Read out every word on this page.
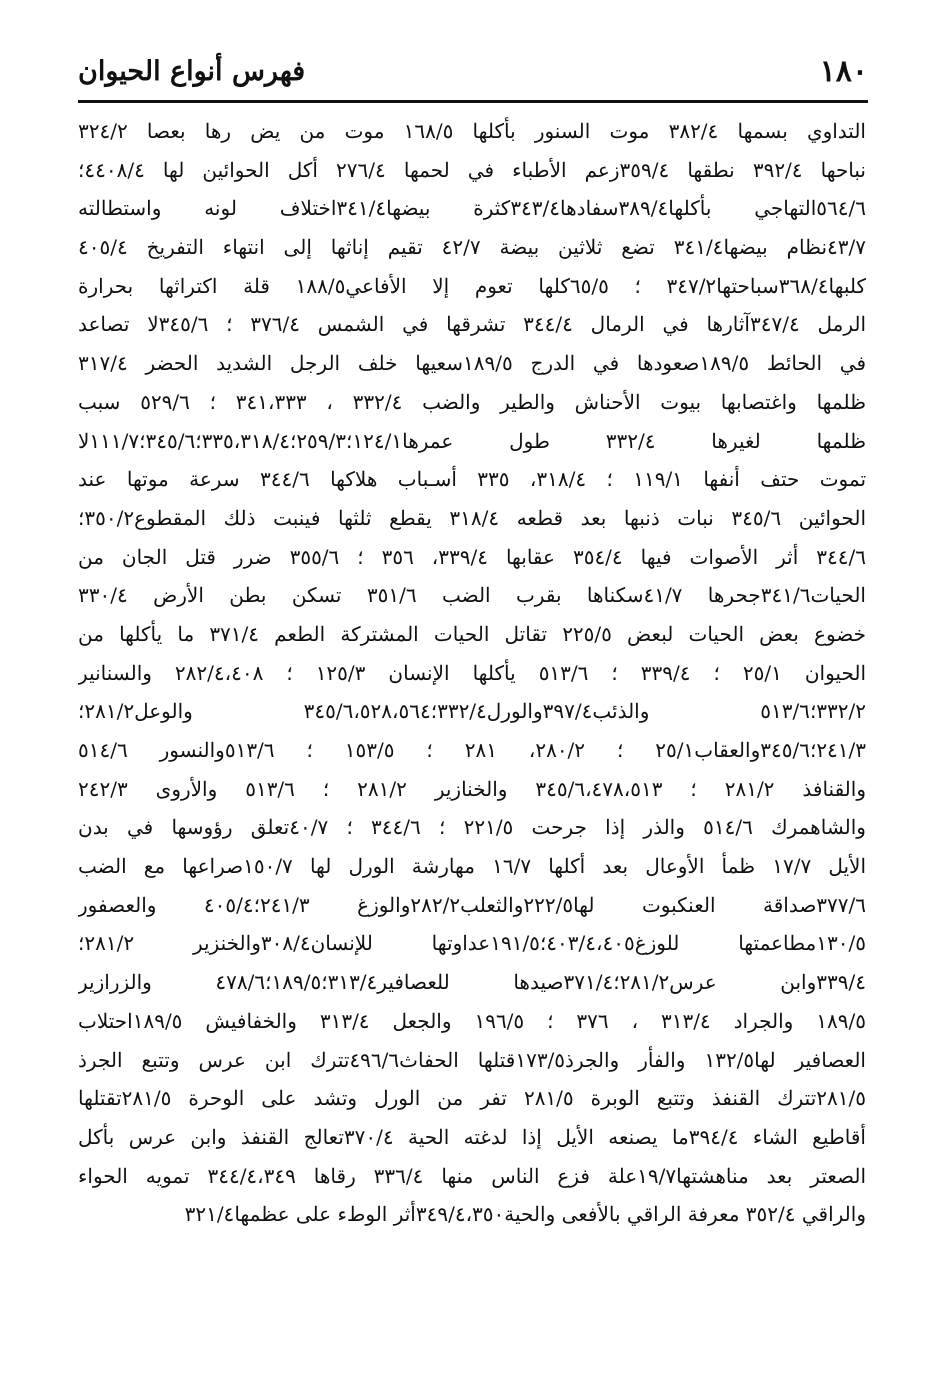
١٨٠
فهرس أنواع الحيوان
التداوي بسمها ٣٨٢/٤ موت السنور بأكلها ١٦٨/٥ موت من يض رها بعصا ٣٢٤/٢
نباحها ٣٩٢/٤ نطقها ٣٥٩/٤زعم الأطباء في لحمها ٢٧٦/٤ أكل الحوائين لها ٤٤٠٨/٤؛
٥٦٤/٦التهاجي بأكلها٣٨٩/٤سفادها٣٤٣/٤كثرة بيضها٣٤١/٤اختلاف لونه واستطالته
٤٣/٧نظام بيضها٣٤١/٤ تضع ثلاثين بيضة ٤٢/٧ تقيم إناثها إلى انتهاء التفريخ ٤٠٥/٤
كلبها٣٦٨/٤سباحتها٣٤٧/٢ ؛ ٦٥/٥كلها تعوم إلا الأفاعي١٨٨/٥ قلة اكتراثها بحرارة
الرمل ٣٤٧/٤آثارها في الرمال ٣٤٤/٤ تشرقها في الشمس ٣٧٦/٤ ؛ ٣٤٥/٦لا تصاعد
في الحائط ١٨٩/٥صعودها في الدرج ١٨٩/٥سعيها خلف الرجل الشديد الحضر ٣١٧/٤
ظلمها واغتصابها بيوت الأحناش والطير والضب ٣٣٢/٤ ، ٣٤١،٣٣٣ ؛ ٥٢٩/٦ سبب
ظلمها لغيرها ٣٣٢/٤ طول عمرها١٢٤/١؛٢٥٩/٣؛٣٣٥،٣١٨/٤؛٣٤٥/٦؛١١١/٧لا
تموت حتف أنفها ١١٩/١ ؛ ٣١٨/٤، ٣٣٥ أسـباب هلاكها ٣٤٤/٦ سرعة موتها عند
الحوائين ٣٤٥/٦ نبات ذنبها بعد قطعه ٣١٨/٤ يقطع ثلثها فينبت ذلك المقطوع٣٥٠/٢؛
٣٤٤/٦ أثر الأصوات فيها ٣٥٤/٤ عقابها ٣٣٩/٤، ٣٥٦ ؛ ٣٥٥/٦ ضرر قتل الجان من
الحيات٣٤١/٦جحرها ٤١/٧سكناها بقرب الضب ٣٥١/٦ تسكن بطن الأرض ٣٣٠/٤
خضوع بعض الحيات لبعض ٢٢٥/٥ تقاتل الحيات المشتركة الطعم ٣٧١/٤ ما يأكلها من
الحيوان ٢٥/١ ؛ ٣٣٩/٤ ؛ ٥١٣/٦ يأكلها الإنسان ١٢٥/٣ ؛ ٢٨٢/٤،٤٠٨ والسنانير
٣٣٢/٢؛٥١٣/٦ والذئب٣٩٧/٤والورل٣٣٢/٤؛٣٤٥/٦،٥٢٨،٥٦٤ والوعل٢٨١/٢؛
٢٤١/٣؛٣٤٥/٦والعقاب٢٥/١ ؛ ٢٨٠/٢، ٢٨١ ؛ ١٥٣/٥ ؛ ٥١٣/٦والنسور ٥١٤/٦
والقنافذ ٢٨١/٢ ؛ ٣٤٥/٦،٤٧٨،٥١٣ والخنازير ٢٨١/٢ ؛ ٥١٣/٦ والأروى ٢٤٢/٣
والشاهمرك ٥١٤/٦ والذر إذا جرحت ٢٢١/٥ ؛ ٣٤٤/٦ ؛ ٤٠/٧تعلق رؤوسها في بدن
الأيل ١٧/٧ ظمأ الأوعال بعد أكلها ١٦/٧ مهارشة الورل لها ١٥٠/٧صراعها مع الضب
٣٧٧/٦صداقة العنكبوت لها٢٢٢/٥والثعلب٢٨٢/٢والوزغ ٢٤١/٣؛٤٠٥/٤ والعصفور
١٣٠/٥مطاعمتها للوزغ٤٠٣/٤،٤٠٥؛١٩١/٥عداوتها للإنسان٣٠٨/٤والخنزير ٢٨١/٢؛
٣٣٩/٤وابن عرس٢٨١/٢؛٣٧١/٤صيدها للعصافير٣١٣/٤؛١٨٩/٥؛٤٧٨/٦ والزرازير
١٨٩/٥ والجراد ٣١٣/٤ ، ٣٧٦ ؛ ١٩٦/٥ والجعل ٣١٣/٤ والخفافيش ١٨٩/٥احتلاب
العصافير لها١٣٢/٥ والفأر والجرذ١٧٣/٥قتلها الحفاث٤٩٦/٦تترك ابن عرس وتتبع الجرذ
٢٨١/٥تترك القنفذ وتتبع الوبرة ٢٨١/٥ تفر من الورل وتشد على الوحرة ٢٨١/٥تقتلها
أقاطيع الشاء ٣٩٤/٤ما يصنعه الأيل إذا لدغته الحية ٣٧٠/٤تعالج القنفذ وابن عرس بأكل
الصعتر بعد مناهشتها١٩/٧علة فزع الناس منها ٣٣٦/٤ رقاها ٣٤٤/٤،٣٤٩ تمويه الحواء
والراقي ٣٥٢/٤ معرفة الراقي بالأفعى والحية٣٤٩/٤،٣٥٠أثر الوطء على عظمها٣٢١/٤
